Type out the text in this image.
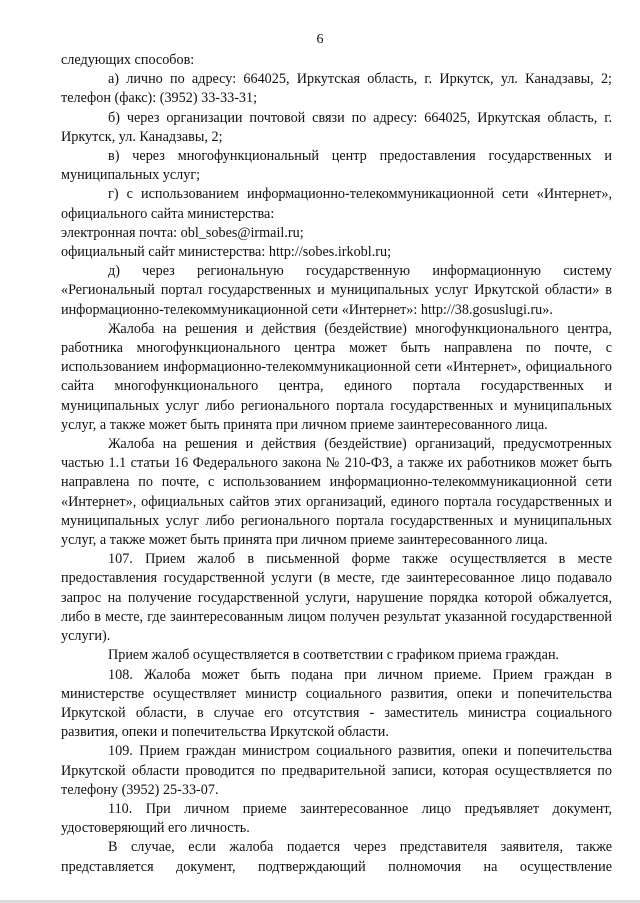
6

следующих способов:

а) лично по адресу: 664025, Иркутская область, г. Иркутск, ул. Канадзавы, 2; телефон (факс): (3952) 33-33-31;

б) через организации почтовой связи по адресу: 664025, Иркутская область, г. Иркутск, ул. Канадзавы, 2;

в) через многофункциональный центр предоставления государственных и муниципальных услуг;

г) с использованием информационно-телекоммуникационной сети «Интернет», официального сайта министерства:

электронная почта: obl_sobes@irmail.ru;

официальный сайт министерства: http://sobes.irkobl.ru;

д) через региональную государственную информационную систему «Региональный портал государственных и муниципальных услуг Иркутской области» в информационно-телекоммуникационной сети «Интернет»: http://38.gosuslugi.ru».

Жалоба на решения и действия (бездействие) многофункционального центра, работника многофункционального центра может быть направлена по почте, с использованием информационно-телекоммуникационной сети «Интернет», официального сайта многофункционального центра, единого портала государственных и муниципальных услуг либо регионального портала государственных и муниципальных услуг, а также может быть принята при личном приеме заинтересованного лица.

Жалоба на решения и действия (бездействие) организаций, предусмотренных частью 1.1 статьи 16 Федерального закона № 210-ФЗ, а также их работников может быть направлена по почте, с использованием информационно-телекоммуникационной сети «Интернет», официальных сайтов этих организаций, единого портала государственных и муниципальных услуг либо регионального портала государственных и муниципальных услуг, а также может быть принята при личном приеме заинтересованного лица.

107. Прием жалоб в письменной форме также осуществляется в месте предоставления государственной услуги (в месте, где заинтересованное лицо подавало запрос на получение государственной услуги, нарушение порядка которой обжалуется, либо в месте, где заинтересованным лицом получен результат указанной государственной услуги).

Прием жалоб осуществляется в соответствии с графиком приема граждан.

108. Жалоба может быть подана при личном приеме. Прием граждан в министерстве осуществляет министр социального развития, опеки и попечительства Иркутской области, в случае его отсутствия - заместитель министра социального развития, опеки и попечительства Иркутской области.

109. Прием граждан министром социального развития, опеки и попечительства Иркутской области проводится по предварительной записи, которая осуществляется по телефону (3952) 25-33-07.

110. При личном приеме заинтересованное лицо предъявляет документ, удостоверяющий его личность.

В случае, если жалоба подается через представителя заявителя, также представляется документ, подтверждающий полномочия на осуществление
